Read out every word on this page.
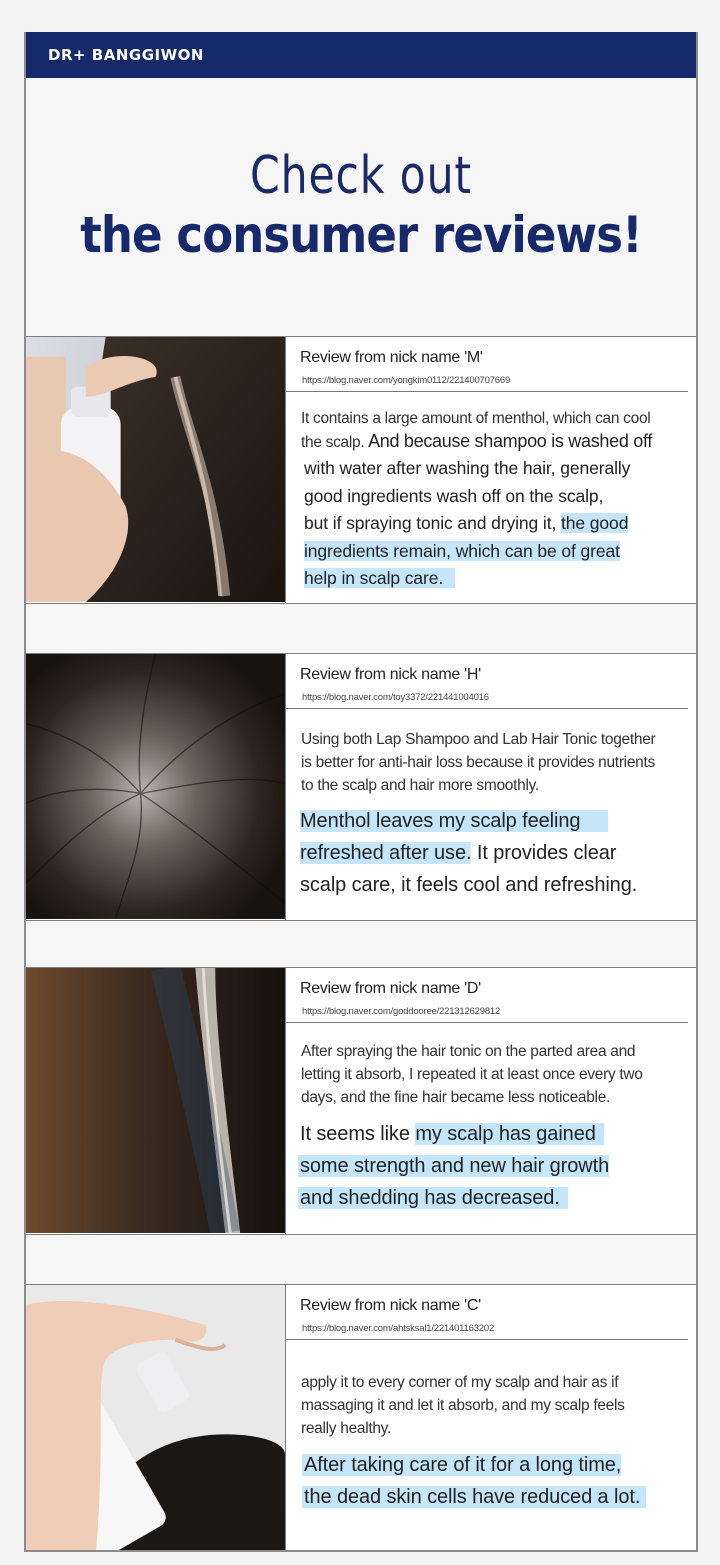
DR+ BANGGIWON
Check out
the consumer reviews!
Review from nick name 'M'
https://blog.naver.com/yongkim0112/221400707669
It contains a large amount of menthol, which can cool
the scalp. And because shampoo is washed off
with water after washing the hair, generally
good ingredients wash off on the scalp,
but if spraying tonic and drying it, the good
ingredients remain, which can be of great
help in scalp care.
Review from nick name 'H'
https://blog.naver.com/toy3372/221441004016
Using both Lap Shampoo and Lab Hair Tonic together
is better for anti-hair loss because it provides nutrients
to the scalp and hair more smoothly.
Menthol leaves my scalp feeling
refreshed after use. It provides clear
scalp care, it feels cool and refreshing.
Review from nick name 'D'
https://blog.naver.com/goddooree/221312629812
After spraying the hair tonic on the parted area and
letting it absorb, I repeated it at least once every two
days, and the fine hair became less noticeable.
It seems like my scalp has gained
some strength and new hair growth
and shedding has decreased.
Review from nick name 'C'
https://blog.naver.com/ahtsksal1/221401163202
apply it to every corner of my scalp and hair as if
massaging it and let it absorb, and my scalp feels
really healthy.
After taking care of it for a long time,
the dead skin cells have reduced a lot.
